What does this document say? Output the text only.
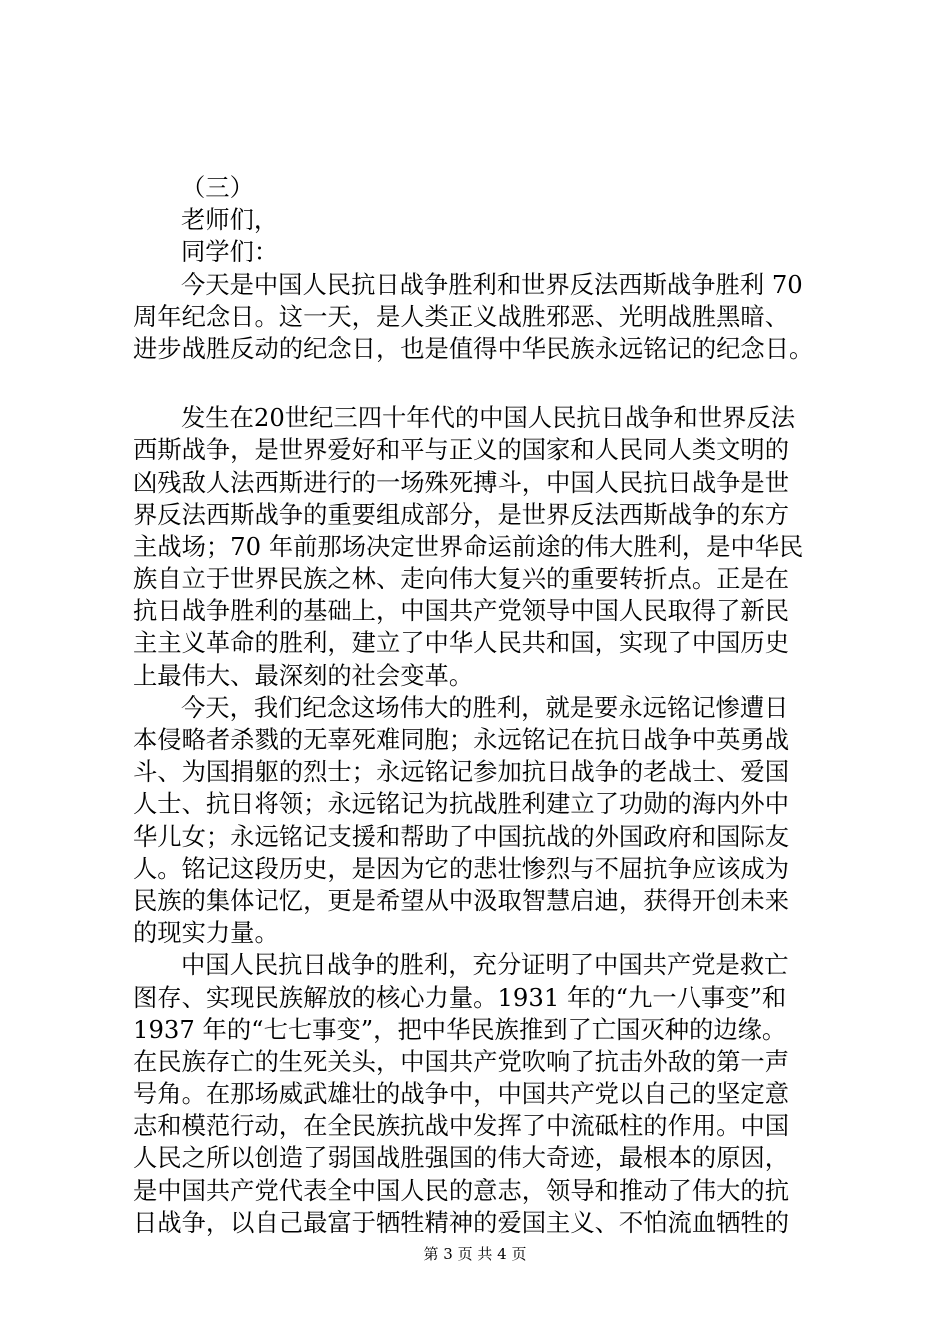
（三）
老师们，
同学们：
今天是中国人民抗日战争胜利和世界反法西斯战争胜利 70
周年纪念日。这一天，是人类正义战胜邪恶、光明战胜黑暗、
进步战胜反动的纪念日，也是值得中华民族永远铭记的纪念日。
发生在20世纪三四十年代的中国人民抗日战争和世界反法
西斯战争，是世界爱好和平与正义的国家和人民同人类文明的
凶残敌人法西斯进行的一场殊死搏斗，中国人民抗日战争是世
界反法西斯战争的重要组成部分，是世界反法西斯战争的东方
主战场；70 年前那场决定世界命运前途的伟大胜利，是中华民
族自立于世界民族之林、走向伟大复兴的重要转折点。正是在
抗日战争胜利的基础上，中国共产党领导中国人民取得了新民
主主义革命的胜利，建立了中华人民共和国，实现了中国历史
上最伟大、最深刻的社会变革。
今天，我们纪念这场伟大的胜利，就是要永远铭记惨遭日
本侵略者杀戮的无辜死难同胞；永远铭记在抗日战争中英勇战
斗、为国捐躯的烈士；永远铭记参加抗日战争的老战士、爱国
人士、抗日将领；永远铭记为抗战胜利建立了功勋的海内外中
华儿女；永远铭记支援和帮助了中国抗战的外国政府和国际友
人。铭记这段历史，是因为它的悲壮惨烈与不屈抗争应该成为
民族的集体记忆，更是希望从中汲取智慧启迪，获得开创未来
的现实力量。
中国人民抗日战争的胜利，充分证明了中国共产党是救亡
图存、实现民族解放的核心力量。1931 年的“九一八事变”和
1937 年的“七七事变”，把中华民族推到了亡国灭种的边缘。
在民族存亡的生死关头，中国共产党吹响了抗击外敌的第一声
号角。在那场威武雄壮的战争中，中国共产党以自己的坚定意
志和模范行动，在全民族抗战中发挥了中流砥柱的作用。中国
人民之所以创造了弱国战胜强国的伟大奇迹，最根本的原因，
是中国共产党代表全中国人民的意志，领导和推动了伟大的抗
日战争，以自己最富于牺牲精神的爱国主义、不怕流血牺牲的
第 3 页 共 4 页
